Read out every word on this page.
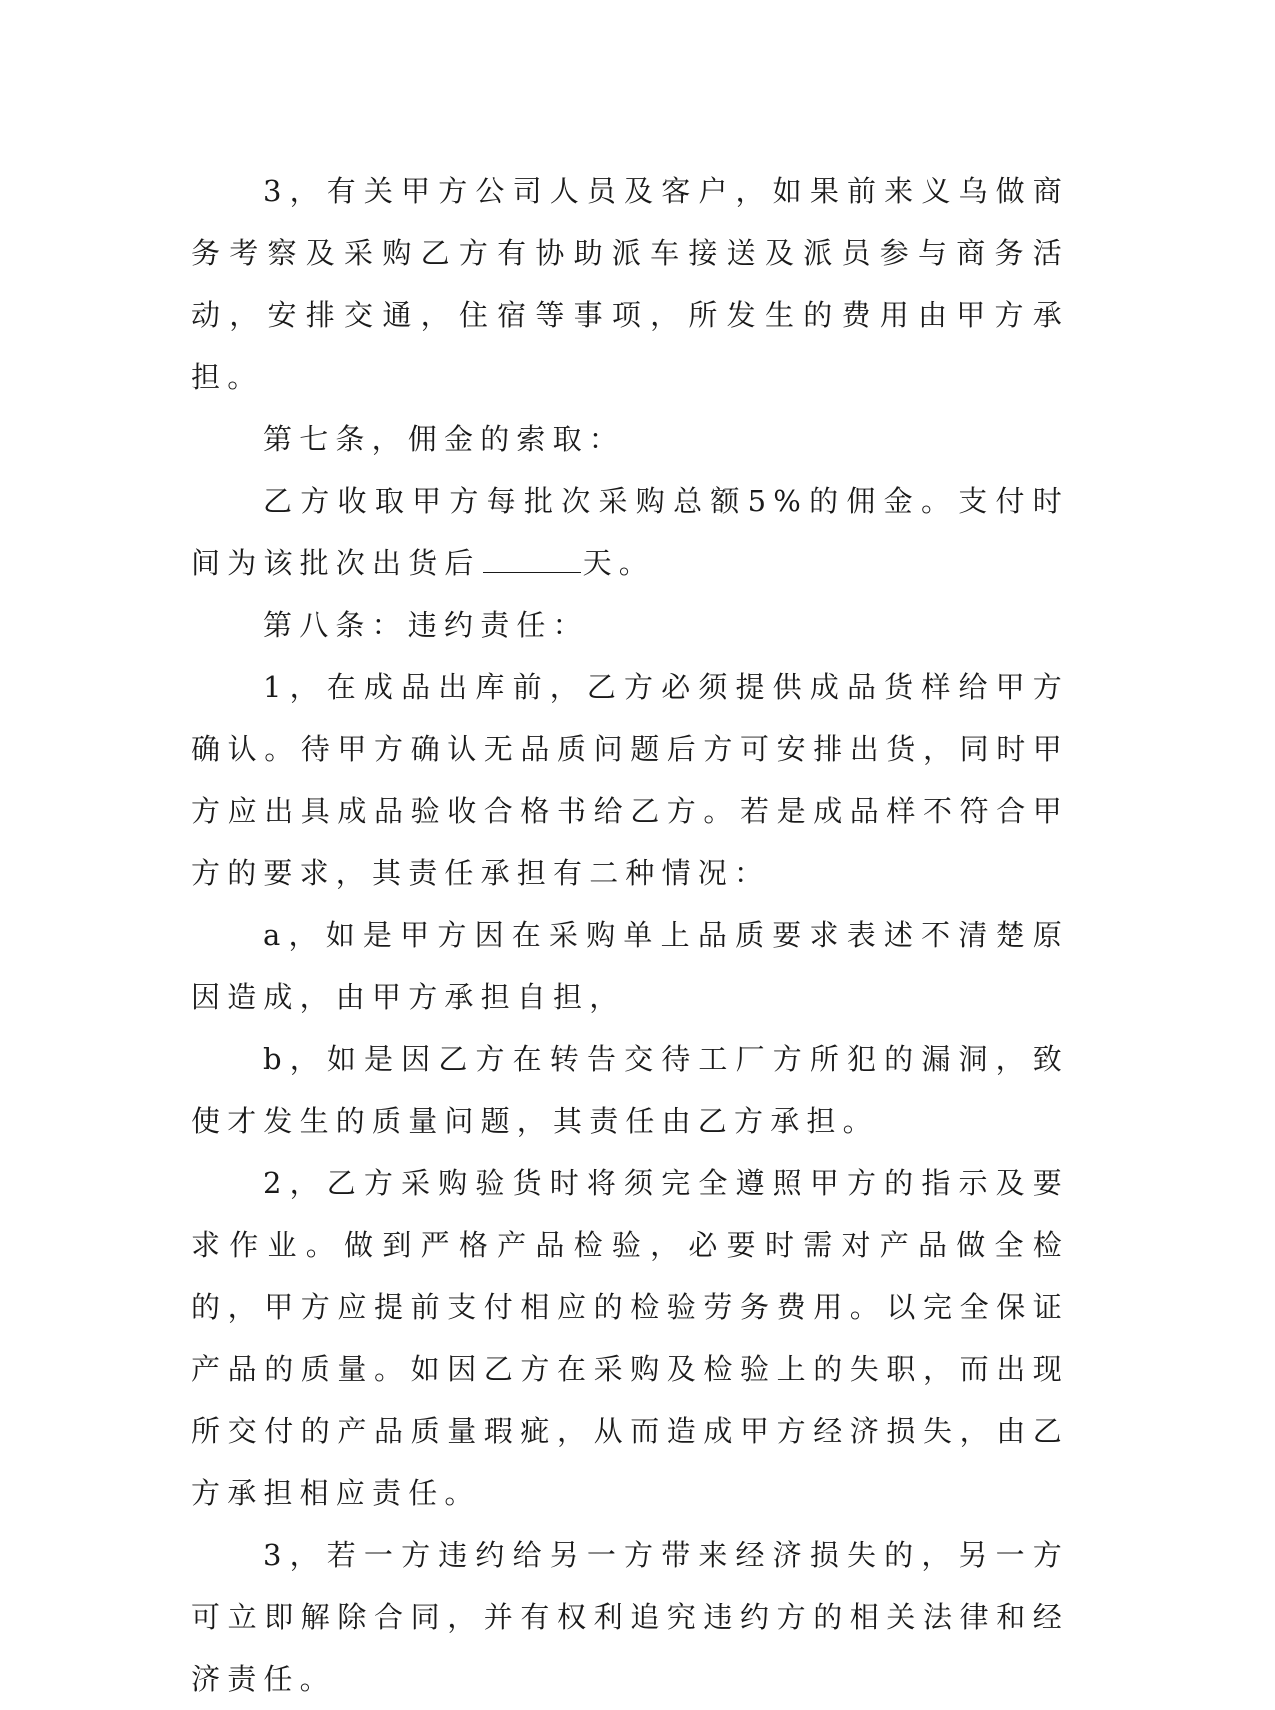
3，有关甲方公司人员及客户，如果前来义乌做商务考察及采购乙方有协助派车接送及派员参与商务活动，安排交通，住宿等事项，所发生的费用由甲方承担。

第七条，佣金的索取：

乙方收取甲方每批次采购总额5%的佣金。支付时间为该批次出货后	天。

第八条：违约责任：

1，在成品出库前，乙方必须提供成品货样给甲方确认。待甲方确认无品质问题后方可安排出货，同时甲方应出具成品验收合格书给乙方。若是成品样不符合甲方的要求，其责任承担有二种情况：

a，如是甲方因在采购单上品质要求表述不清楚原因造成，由甲方承担自担，

b，如是因乙方在转告交待工厂方所犯的漏洞，致使才发生的质量问题，其责任由乙方承担。

2，乙方采购验货时将须完全遵照甲方的指示及要求作业。做到严格产品检验，必要时需对产品做全检的，甲方应提前支付相应的检验劳务费用。以完全保证产品的质量。如因乙方在采购及检验上的失职，而出现所交付的产品质量瑕疵，从而造成甲方经济损失，由乙方承担相应责任。

3，若一方违约给另一方带来经济损失的，另一方可立即解除合同，并有权利追究违约方的相关法律和经济责任。
